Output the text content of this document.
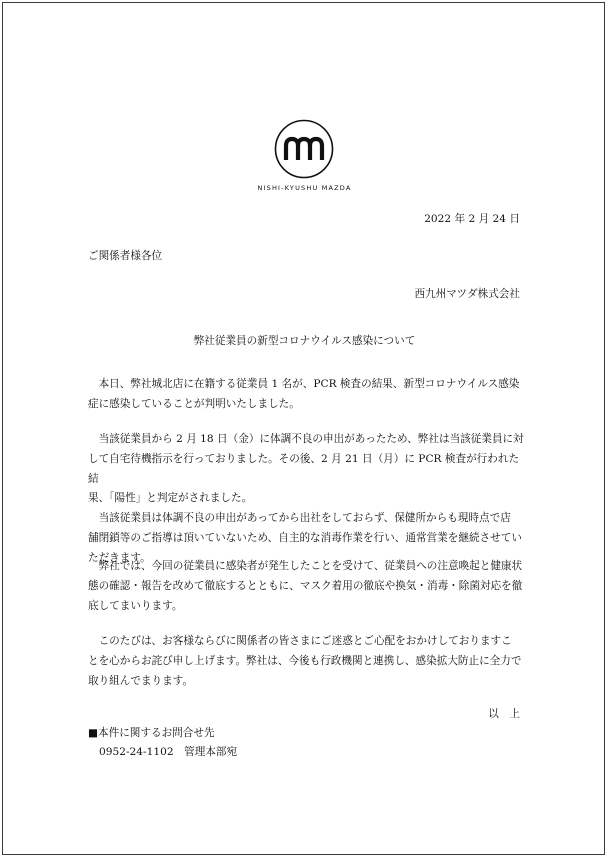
NISHI-KYUSHU MAZDA
2022 年 2 月 24 日
ご関係者様各位
西九州マツダ株式会社
弊社従業員の新型コロナウイルス感染について

本日、弊社城北店に在籍する従業員 1 名が、PCR 検査の結果、新型コロナウイルス感染
症に感染していることが判明いたしました。

当該従業員から 2 月 18 日（金）に体調不良の申出があったため、弊社は当該従業員に対
して自宅待機指示を行っておりました。その後、2 月 21 日（月）に PCR 検査が行われた結
果、「陽性」と判定がされました。

当該従業員は体調不良の申出があってから出社をしておらず、保健所からも現時点で店
舗閉鎖等のご指導は頂いていないため、自主的な消毒作業を行い、通常営業を継続させてい
ただきます。

弊社では、今回の従業員に感染者が発生したことを受けて、従業員への注意喚起と健康状
態の確認・報告を改めて徹底するとともに、マスク着用の徹底や換気・消毒・除菌対応を徹
底してまいります。

このたびは、お客様ならびに関係者の皆さまにご迷惑とご心配をおかけしておりますこ
とを心からお詫び申し上げます。弊社は、今後も行政機関と連携し、感染拡大防止に全力で
取り組んでまります。

以　上
■本件に関するお問合せ先
0952-24-1102　管理本部宛
